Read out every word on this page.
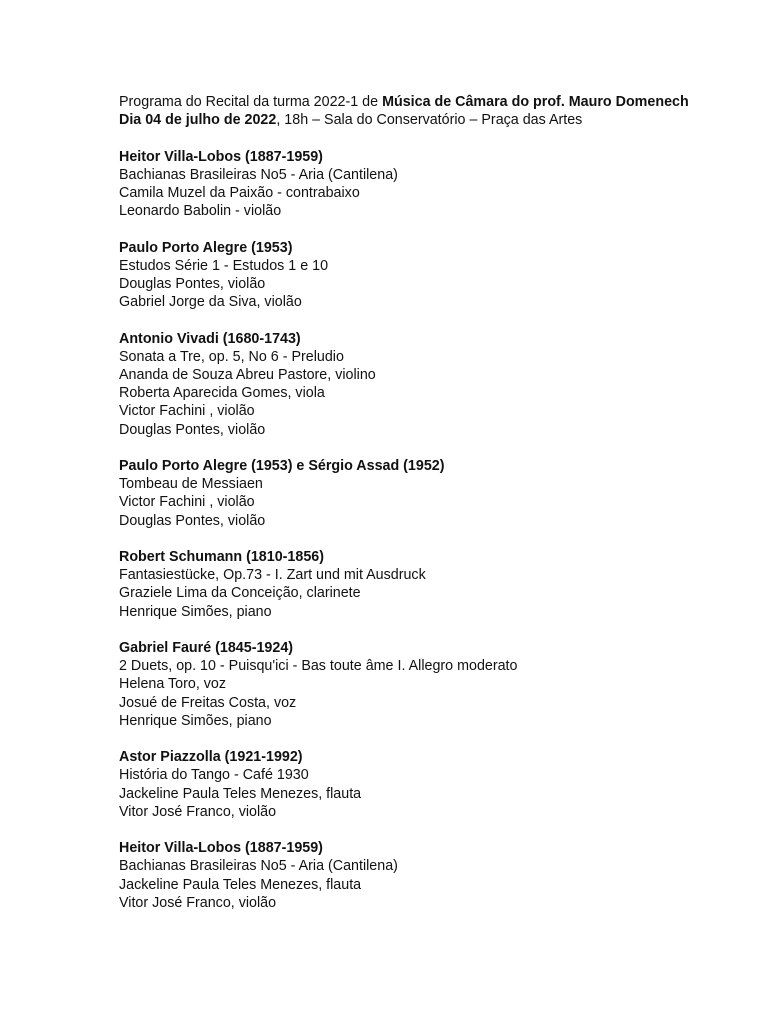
Programa do Recital da turma 2022-1 de Música de Câmara do prof. Mauro Domenech
Dia 04 de julho de 2022, 18h – Sala do Conservatório – Praça das Artes
Heitor Villa-Lobos (1887-1959)
Bachianas Brasileiras No5 - Aria (Cantilena)
Camila Muzel da Paixão - contrabaixo
Leonardo Babolin - violão
Paulo Porto Alegre (1953)
Estudos Série 1 - Estudos 1 e 10
Douglas Pontes, violão
Gabriel Jorge da Siva, violão
Antonio Vivadi (1680-1743)
Sonata a Tre, op. 5, No 6 - Preludio
Ananda de Souza Abreu Pastore, violino
Roberta Aparecida Gomes, viola
Victor Fachini , violão
Douglas Pontes, violão
Paulo Porto Alegre (1953) e Sérgio Assad (1952)
Tombeau de Messiaen
Victor Fachini , violão
Douglas Pontes, violão
Robert Schumann (1810-1856)
Fantasiestücke, Op.73 - I. Zart und mit Ausdruck
Graziele Lima da Conceição, clarinete
Henrique Simões, piano
Gabriel Fauré (1845-1924)
2 Duets, op. 10 - Puisqu'ici - Bas toute âme I. Allegro moderato
Helena Toro, voz
Josué de Freitas Costa, voz
Henrique Simões, piano
Astor Piazzolla (1921-1992)
História do Tango - Café 1930
Jackeline Paula Teles Menezes, flauta
Vitor José Franco, violão
Heitor Villa-Lobos (1887-1959)
Bachianas Brasileiras No5 - Aria (Cantilena)
Jackeline Paula Teles Menezes, flauta
Vitor José Franco, violão
